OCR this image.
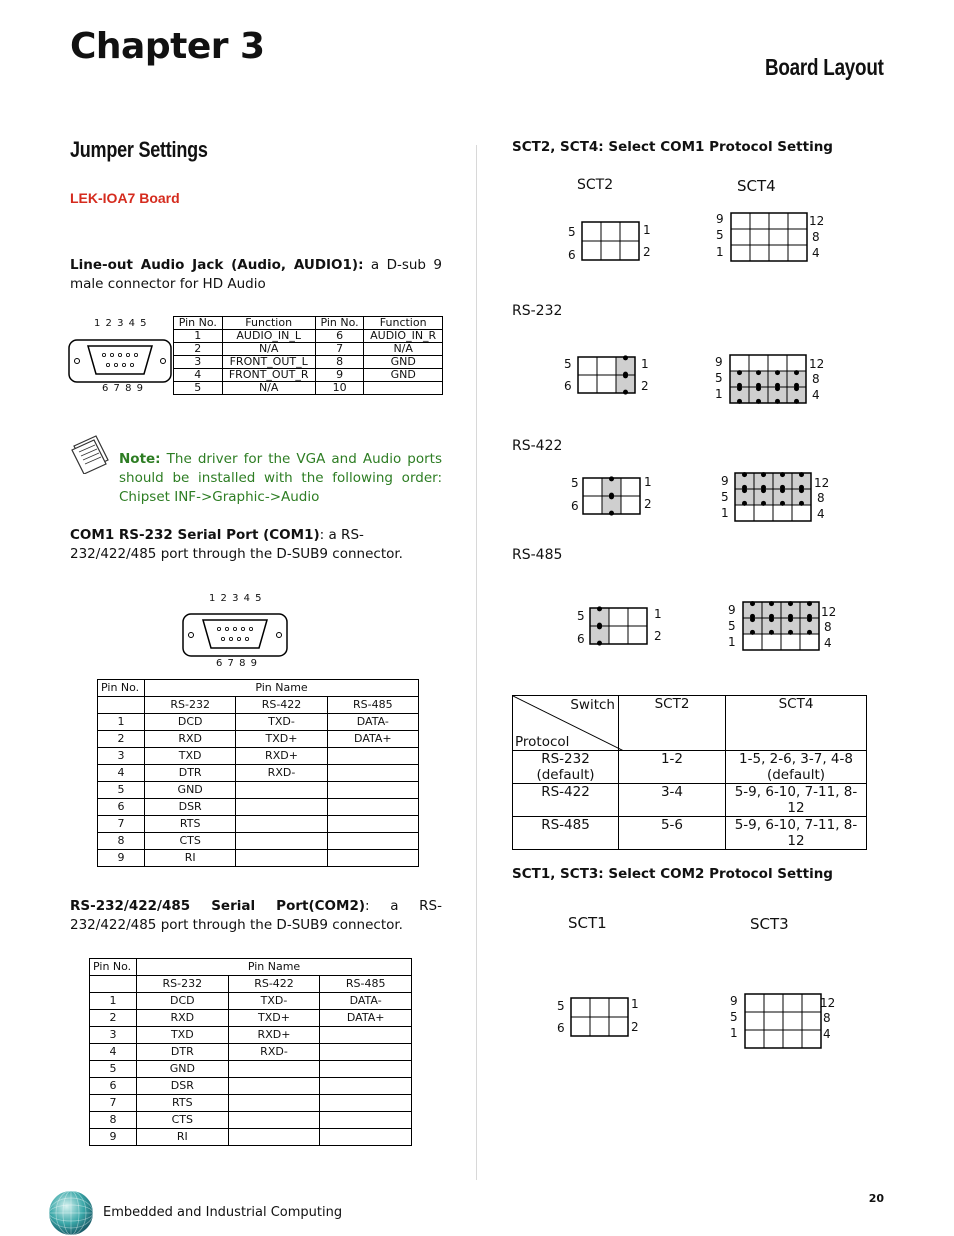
Chapter 3	Board Layout
Jumper Settings
LEK-IOA7 Board
Line-out Audio Jack (Audio, AUDIO1): a D-sub 9 male connector for HD Audio
1 2 3 4 5
6 7 8 9
Pin No.	Function	Pin No.	Function
1	AUDIO_IN_L	6	AUDIO_IN_R
2	N/A	7	N/A
3	FRONT_OUT_L	8	GND
4	FRONT_OUT_R	9	GND
5	N/A	10	
Note: The driver for the VGA and Audio ports should be installed with the following order: Chipset INF->Graphic->Audio
COM1 RS-232 Serial Port (COM1): a RS-232/422/485 port through the D-SUB9 connector.
1 2 3 4 5
6 7 8 9
Pin No.	Pin Name		
	RS-232	RS-422	RS-485
1	DCD	TXD-	DATA-
2	RXD	TXD+	DATA+
3	TXD	RXD+	
4	DTR	RXD-	
5	GND		
6	DSR		
7	RTS		
8	CTS		
9	RI		
RS-232/422/485 Serial Port(COM2): a RS-232/422/485 port through the D-SUB9 connector.
Pin No.	Pin Name		
	RS-232	RS-422	RS-485
1	DCD	TXD-	DATA-
2	RXD	TXD+	DATA+
3	TXD	RXD+	
4	DTR	RXD-	
5	GND		
6	DSR		
7	RTS		
8	CTS		
9	RI		
SCT2, SCT4: Select COM1 Protocol Setting
SCT2	SCT4
5
6
1
2
9
5
1
12
8
4
5
6
1
2
9
5
1
12
8
4
5
6
1
2
9
5
1
12
8
4
5
6
1
2
9
5
1
12
8
4
5
6
1
2
9
5
1
12
8
4
RS-232
RS-422
RS-485
Switch
Protocol	SCT2	SCT4
RS-232 (default)	1-2	1-5, 2-6, 3-7, 4-8 (default)
RS-422	3-4	5-9, 6-10, 7-11, 8-12
RS-485	5-6	5-9, 6-10, 7-11, 8-12
SCT1, SCT3: Select COM2 Protocol Setting
SCT1	SCT3
Embedded and Industrial Computing
20
